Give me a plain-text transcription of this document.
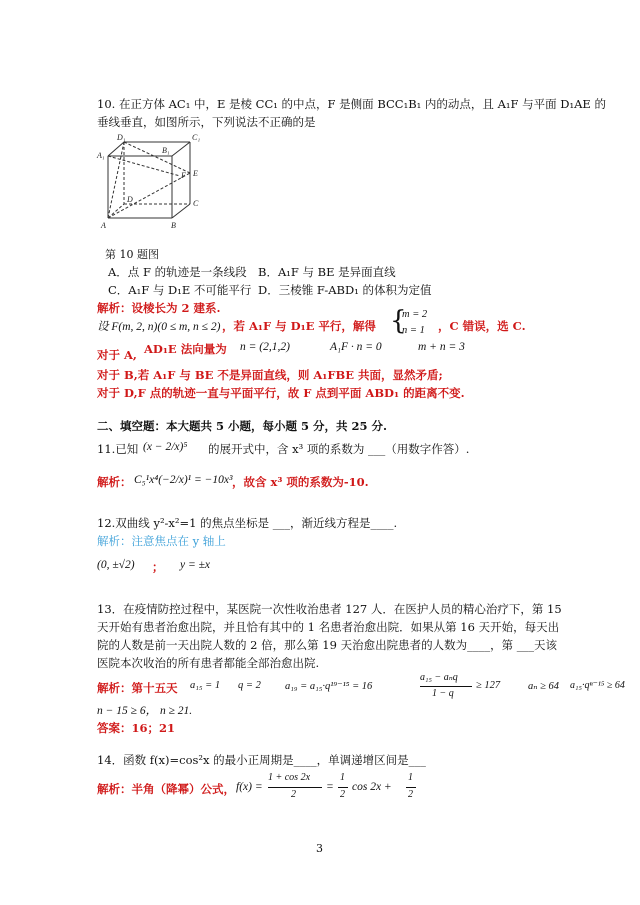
10. 在正方体 AC₁ 中，E 是棱 CC₁ 的中点，F 是侧面 BCC₁B₁ 内的动点，且 A₁F 与平面 D₁AE 的
垂线垂直，如图所示，下列说法不正确的是
D₁	C₁
A₁
B₁
F E
D	C
A	B
第 10 题图
A．点 F 的轨迹是一条线段 B．A₁F 与 BE 是异面直线
C．A₁F 与 D₁E 不可能平行 D．三棱锥 F-ABD₁ 的体积为定值
解析：设棱长为 2 建系.
设 F(m, 2, n)(0 ≤ m, n ≤ 2) ，若 A₁F 与 D₁E 平行，解得 {
m = 2
n = 1 ，C 错误，选 C.
对于 A, AD₁E 法向量为 n = (2,1,2)	A₁F · n = 0	m + n = 3
对于 B,若 A₁F 与 BE 不是异面直线，则 A₁FBE 共面，显然矛盾;
对于 D,F 点的轨迹一直与平面平行，故 F 点到平面 ABD₁ 的距离不变.
二、填空题：本大题共 5 小题，每小题 5 分，共 25 分.
11.已知 (x − 2/x)⁵ 的展开式中，含 x³ 项的系数为 ___（用数字作答）.
解析： C₅¹x⁴(−2/x)¹ = −10x³ ，故含 x³ 项的系数为-10.
12.双曲线 y²-x²=1 的焦点坐标是 ___，渐近线方程是____.
解析：注意焦点在 y 轴上
(0, ±√2) ； y = ±x
13．在疫情防控过程中，某医院一次性收治患者 127 人．在医护人员的精心治疗下，第 15
天开始有患者治愈出院，并且恰有其中的 1 名患者治愈出院．如果从第 16 天开始，每天出
院的人数是前一天出院人数的 2 倍，那么第 19 天治愈出院患者的人数为____，第 ___天该
医院本次收治的所有患者都能全部治愈出院.
解析：第十五天 a₁₅ = 1 q = 2 a₁₉ = a₁₅·q¹⁹⁻¹⁵ = 16
a₁₅ − aₙq
1 − q
≥ 127	aₙ ≥ 64 a₁₅·qⁿ⁻¹⁵ ≥ 64
n − 15 ≥ 6， n ≥ 21.
答案：16；21
14．函数 f(x)=cos²x 的最小正周期是____，单调递增区间是___
解析：半角（降幂）公式， f(x) =
1 + cos 2x
2
=
1
2
cos 2x +
1
2
3
